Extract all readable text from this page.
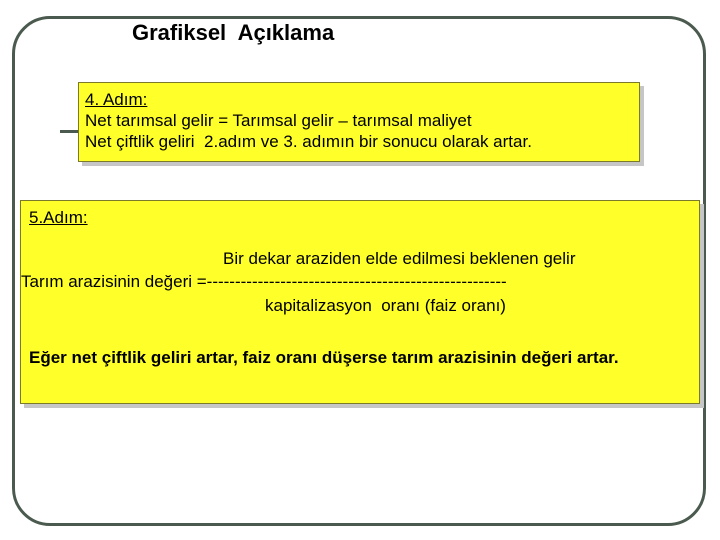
Grafiksel  Açıklama
4. Adım:
Net tarımsal gelir = Tarımsal gelir – tarımsal maliyet
Net çiftlik geliri  2.adım ve 3. adımın bir sonucu olarak artar.
5.Adım:
Bir dekar araziden elde edilmesi beklenen gelir
Tarım arazisinin değeri =-----------------------------------------------------
kapitalizasyon  oranı (faiz oranı)
Eğer net çiftlik geliri artar, faiz oranı düşerse tarım arazisinin değeri artar.
